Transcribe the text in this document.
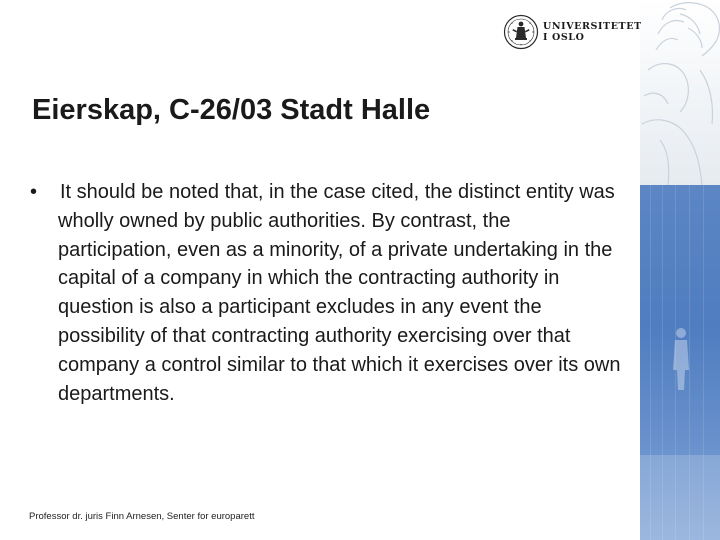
UNIVERSITETET
I OSLO
Eierskap, C-26/03 Stadt Halle
• It should be noted that, in the case cited, the distinct entity was wholly owned by public authorities. By contrast, the participation, even as a minority, of a private undertaking in the capital of a company in which the contracting authority in question is also a participant excludes in any event the possibility of that contracting authority exercising over that company a control similar to that which it exercises over its own departments.

Professor dr. juris Finn Arnesen, Senter for europarett
